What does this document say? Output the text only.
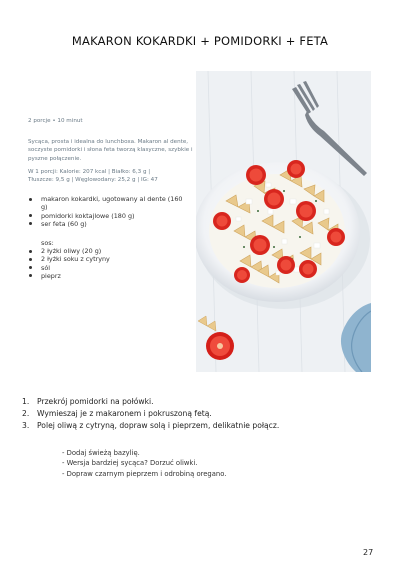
MAKARON KOKARDKI + POMIDORKI + FETA
2 porcje • 10 minut
Sycąca, prosta i idealna do lunchboxa. Makaron al dente, soczyste pomidorki i słona feta tworzą klasyczne, szybkie i pyszne połączenie.
W 1 porcji: Kalorie: 207 kcal | Białko: 6,3 g |
Tłuszcze: 9,5 g | Węglowodany: 25,2 g | IG: 47
makaron kokardki, ugotowany al dente (160 g)
pomidorki koktajlowe (180 g)
ser feta (60 g)
sos:
2 łyżki oliwy (20 g)
2 łyżki soku z cytryny
sól
pieprz
1.	Przekrój pomidorki na połówki.
2.	Wymieszaj je z makaronem i pokruszoną fetą.
3.	Polej oliwą z cytryną, dopraw solą i pieprzem, delikatnie połącz.
- Dodaj świeżą bazylię.
- Wersja bardziej sycąca? Dorzuć oliwki.
- Dopraw czarnym pieprzem i odrobiną oregano.
27
